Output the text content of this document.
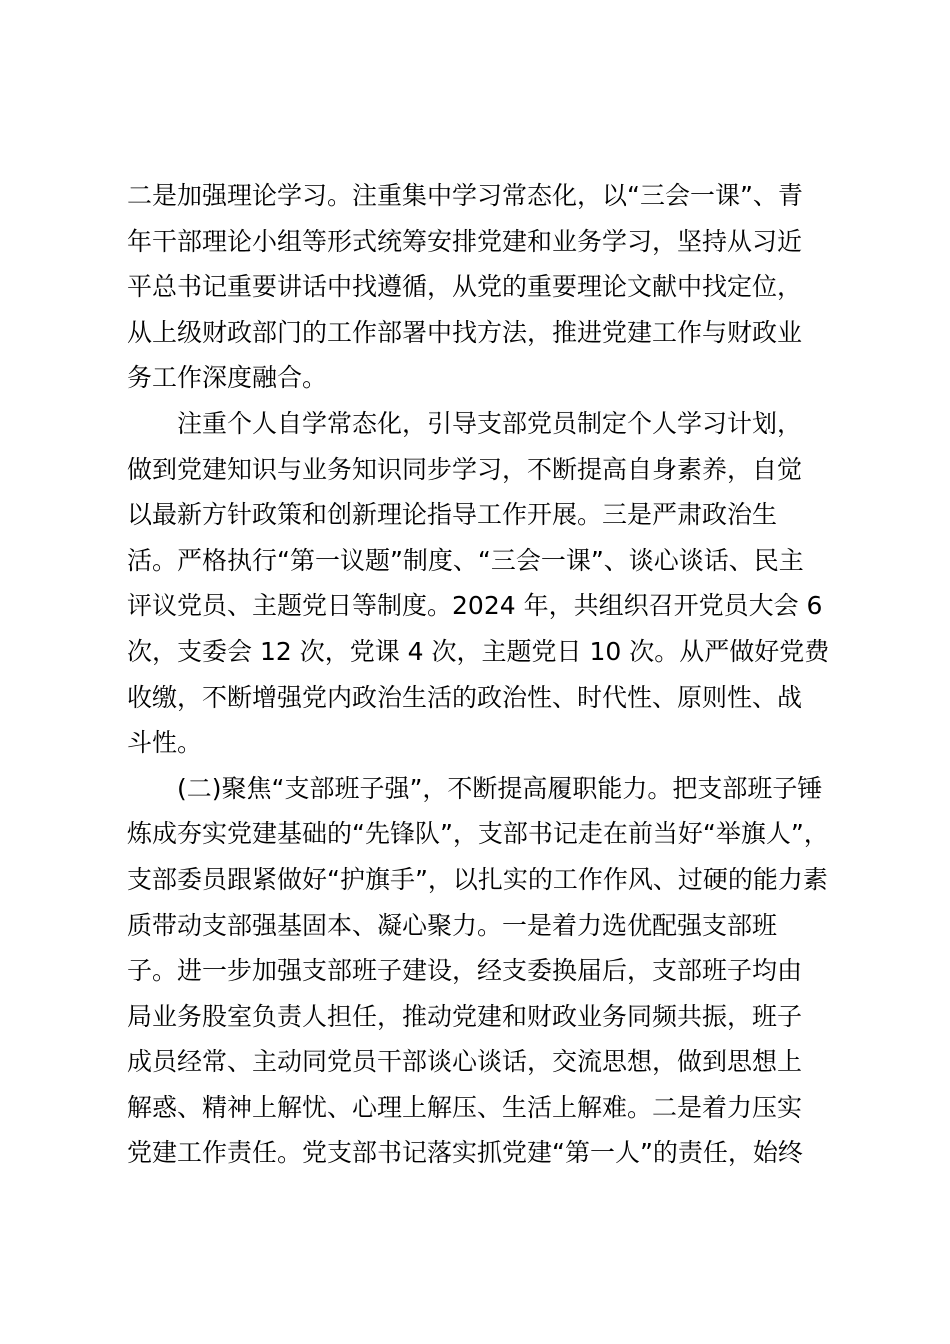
二是加强理论学习。注重集中学习常态化，以“三会一课”、青
年干部理论小组等形式统筹安排党建和业务学习，坚持从习近
平总书记重要讲话中找遵循，从党的重要理论文献中找定位，
从上级财政部门的工作部署中找方法，推进党建工作与财政业
务工作深度融合。
注重个人自学常态化，引导支部党员制定个人学习计划，
做到党建知识与业务知识同步学习，不断提高自身素养，自觉
以最新方针政策和创新理论指导工作开展。三是严肃政治生
活。严格执行“第一议题”制度、“三会一课”、谈心谈话、民主
评议党员、主题党日等制度。2024 年，共组织召开党员大会 6
次，支委会 12 次，党课 4 次，主题党日 10 次。从严做好党费
收缴，不断增强党内政治生活的政治性、时代性、原则性、战
斗性。
(二)聚焦“支部班子强”，不断提高履职能力。把支部班子锤
炼成夯实党建基础的“先锋队”，支部书记走在前当好“举旗人”，
支部委员跟紧做好“护旗手”，以扎实的工作作风、过硬的能力素
质带动支部强基固本、凝心聚力。一是着力选优配强支部班
子。进一步加强支部班子建设，经支委换届后，支部班子均由
局业务股室负责人担任，推动党建和财政业务同频共振，班子
成员经常、主动同党员干部谈心谈话，交流思想，做到思想上
解惑、精神上解忧、心理上解压、生活上解难。二是着力压实
党建工作责任。党支部书记落实抓党建“第一人”的责任，始终
